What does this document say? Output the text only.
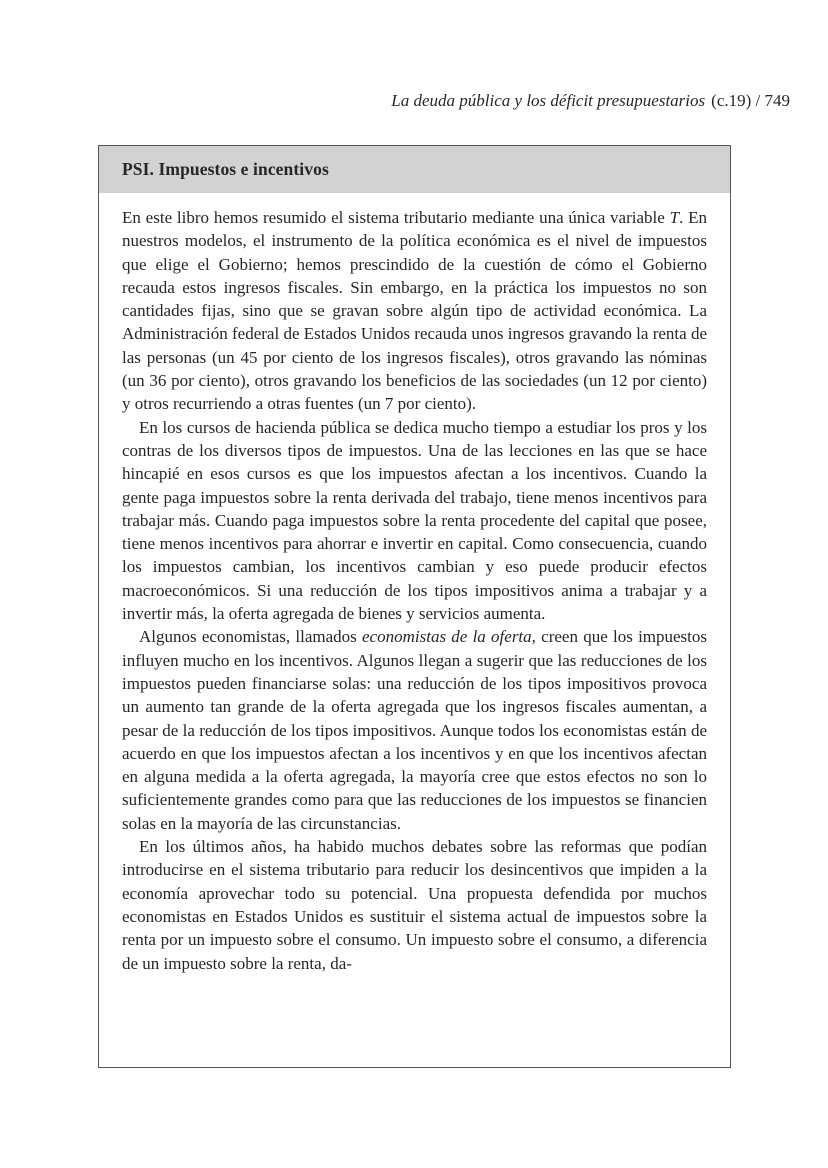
La deuda pública y los déficit presupuestarios (c.19) / 749
PSI. Impuestos e incentivos

En este libro hemos resumido el sistema tributario mediante una única variable T. En nuestros modelos, el instrumento de la política económica es el nivel de impuestos que elige el Gobierno; hemos prescindido de la cuestión de cómo el Gobierno recauda estos ingresos fiscales. Sin embargo, en la práctica los impuestos no son cantidades fijas, sino que se gravan sobre algún tipo de actividad económica. La Administración federal de Estados Unidos recauda unos ingresos gravando la renta de las personas (un 45 por ciento de los ingresos fiscales), otros gravando las nóminas (un 36 por ciento), otros gravando los beneficios de las sociedades (un 12 por ciento) y otros recurriendo a otras fuentes (un 7 por ciento).

En los cursos de hacienda pública se dedica mucho tiempo a estudiar los pros y los contras de los diversos tipos de impuestos. Una de las lecciones en las que se hace hincapié en esos cursos es que los impuestos afectan a los incentivos. Cuando la gente paga impuestos sobre la renta derivada del trabajo, tiene menos incentivos para trabajar más. Cuando paga impuestos sobre la renta procedente del capital que posee, tiene menos incentivos para ahorrar e invertir en capital. Como consecuencia, cuando los impuestos cambian, los incentivos cambian y eso puede producir efectos macroeconómicos. Si una reducción de los tipos impositivos anima a trabajar y a invertir más, la oferta agregada de bienes y servicios aumenta.

Algunos economistas, llamados economistas de la oferta, creen que los impuestos influyen mucho en los incentivos. Algunos llegan a sugerir que las reducciones de los impuestos pueden financiarse solas: una reducción de los tipos impositivos provoca un aumento tan grande de la oferta agregada que los ingresos fiscales aumentan, a pesar de la reducción de los tipos impositivos. Aunque todos los economistas están de acuerdo en que los impuestos afectan a los incentivos y en que los incentivos afectan en alguna medida a la oferta agregada, la mayoría cree que estos efectos no son lo suficientemente grandes como para que las reducciones de los impuestos se financien solas en la mayoría de las circunstancias.

En los últimos años, ha habido muchos debates sobre las reformas que podían introducirse en el sistema tributario para reducir los desincentivos que impiden a la economía aprovechar todo su potencial. Una propuesta defendida por muchos economistas en Estados Unidos es sustituir el sistema actual de impuestos sobre la renta por un impuesto sobre el consumo. Un impuesto sobre el consumo, a diferencia de un impuesto sobre la renta, da-
